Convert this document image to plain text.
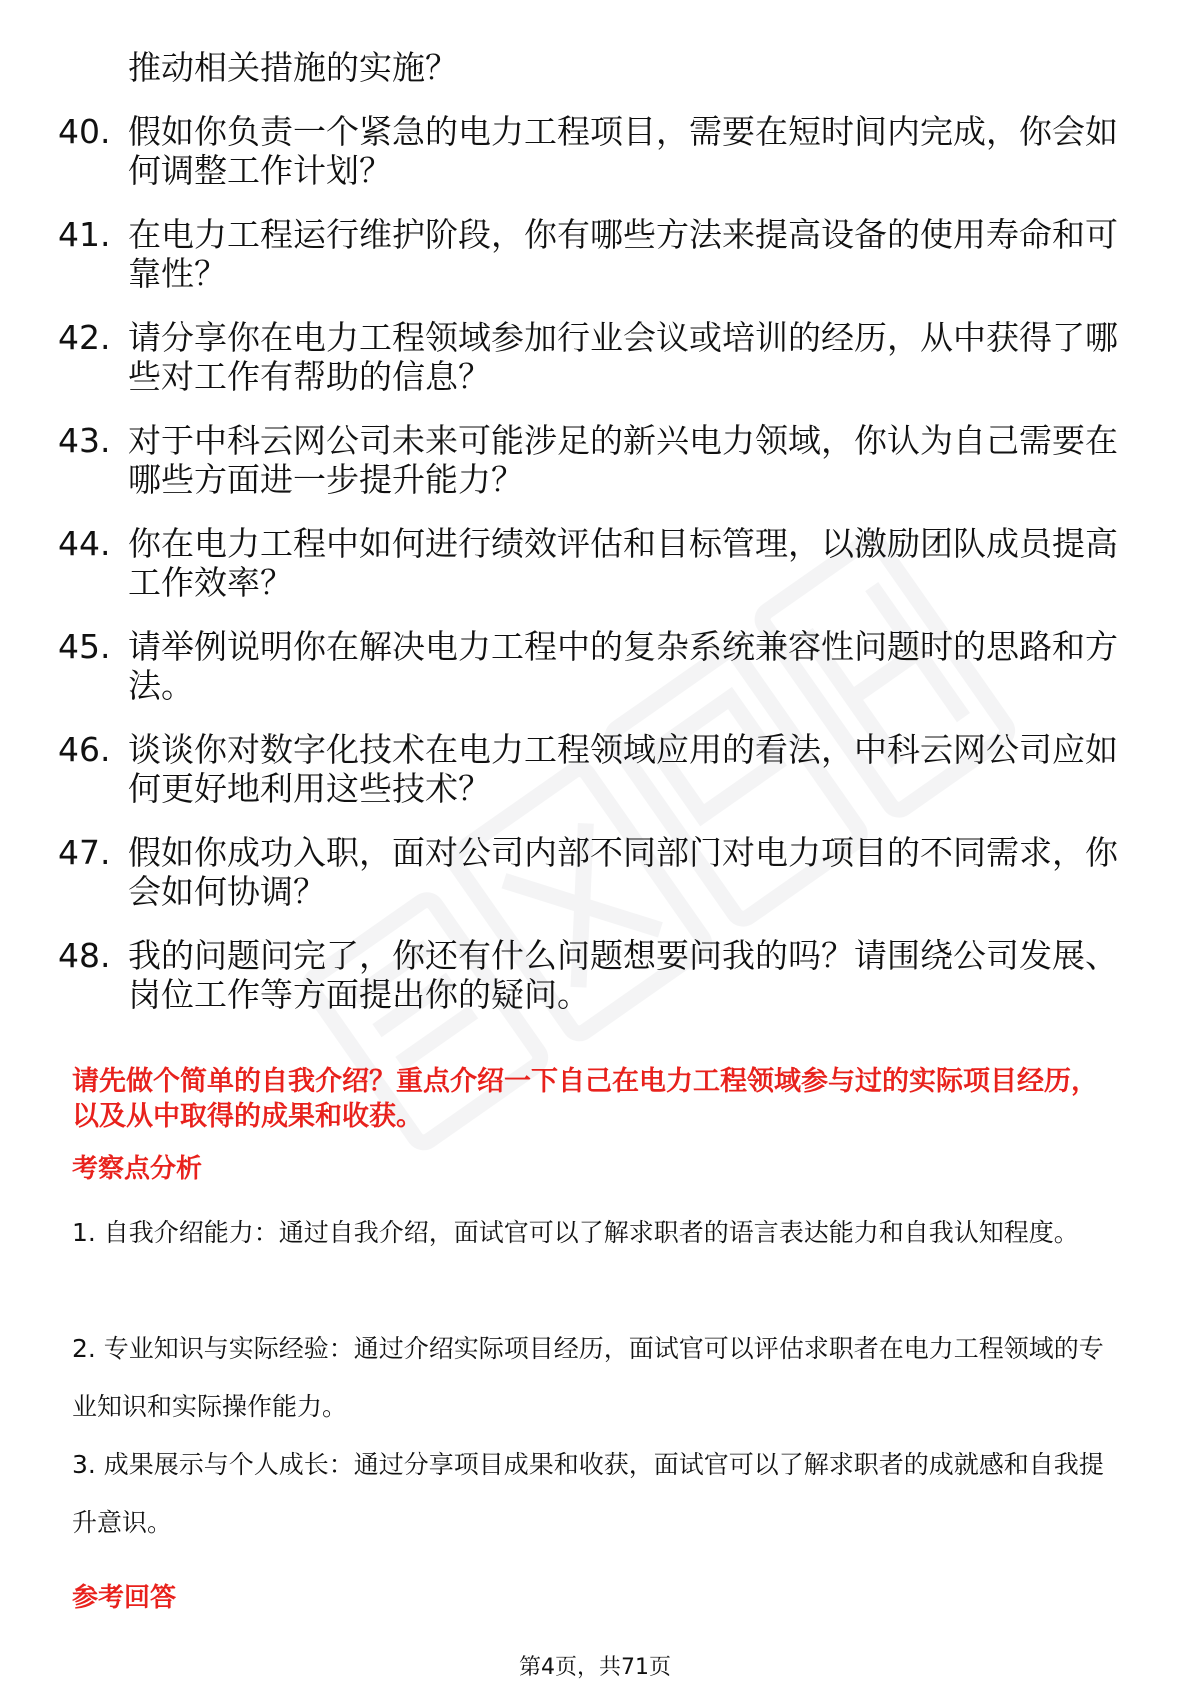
推动相关措施的实施？
40. 假如你负责一个紧急的电力工程项目，需要在短时间内完成，你会如何调整工作计划？
41. 在电力工程运行维护阶段，你有哪些方法来提高设备的使用寿命和可靠性？
42. 请分享你在电力工程领域参加行业会议或培训的经历，从中获得了哪些对工作有帮助的信息？
43. 对于中科云网公司未来可能涉足的新兴电力领域，你认为自己需要在哪些方面进一步提升能力？
44. 你在电力工程中如何进行绩效评估和目标管理，以激励团队成员提高工作效率？
45. 请举例说明你在解决电力工程中的复杂系统兼容性问题时的思路和方法。
46. 谈谈你对数字化技术在电力工程领域应用的看法，中科云网公司应如何更好地利用这些技术？
47. 假如你成功入职，面对公司内部不同部门对电力项目的不同需求，你会如何协调？
48. 我的问题问完了，你还有什么问题想要问我的吗？请围绕公司发展、岗位工作等方面提出你的疑问。
请先做个简单的自我介绍？重点介绍一下自己在电力工程领域参与过的实际项目经历，以及从中取得的成果和收获。
考察点分析
1. 自我介绍能力：通过自我介绍，面试官可以了解求职者的语言表达能力和自我认知程度。
2. 专业知识与实际经验：通过介绍实际项目经历，面试官可以评估求职者在电力工程领域的专业知识和实际操作能力。
3. 成果展示与个人成长：通过分享项目成果和收获，面试官可以了解求职者的成就感和自我提升意识。
参考回答
第4页，共71页
